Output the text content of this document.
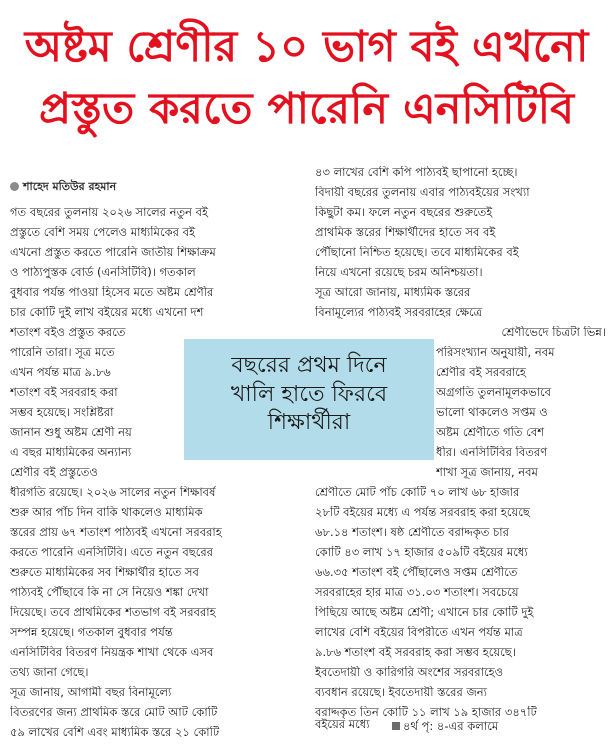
অষ্টম শ্রেণীর ১০ ভাগ বই এখনো
প্রস্তুত করতে পারেনি এনসিটিবি
শাহেদ মতিউর রহমান
গত বছরের তুলনায় ২০২৬ সালের নতুন বই
প্রস্তুতে বেশি সময় পেলেও মাধ্যমিকের বই
এখনো প্রস্তুত করতে পারেনি জাতীয় শিক্ষাক্রম
ও পাঠ্যপুস্তক বোর্ড (এনসিটিবি)। গতকাল
বুধবার পর্যন্ত পাওয়া হিসেব মতে অষ্টম শ্রেণীর
চার কোটি দুই লাখ বইয়ের মধ্যে এখনো দশ
শতাংশ বইও প্রস্তুত করতে
পারেনি তারা। সূত্র মতে
এখন পর্যন্ত মাত্র ৯.৮৬
শতাংশ বই সরবরাহ করা
সম্ভব হয়েছে। সংশ্লিষ্টরা
জানান শুধু অষ্টম শ্রেণী নয়
এ বছর মাধ্যমিকের অন্যান্য
শ্রেণীর বই প্রস্তুতেও
ধীরগতি রয়েছে। ২০২৬ সালের নতুন শিক্ষাবর্ষ
শুরু আর পাঁচ দিন বাকি থাকলেও মাধ্যমিক
স্তরের প্রায় ৬৭ শতাংশ পাঠ্যবই এখনো সরবরাহ
করতে পারেনি এনসিটিবি। এতে নতুন বছরের
শুরুতে মাধ্যমিকের সব শিক্ষার্থীর হাতে সব
পাঠ্যবই পৌঁছাবে কি না সে নিয়েও শঙ্কা দেখা
দিয়েছে। তবে প্রাথমিকের শতভাগ বই সরবরাহ
সম্পন্ন হয়েছে। গতকাল বুধবার পর্যন্ত
এনসিটিবির বিতরণ নিয়ন্ত্রক শাখা থেকে এসব
তথ্য জানা গেছে।
সূত্র জানায়, আগামী বছর বিনামূল্যে
বিতরণের জন্য প্রাথমিক স্তরে মোট আট কোটি
৫৯ লাখের বেশি এবং মাধ্যমিক স্তরে ২১ কোটি
৪৩ লাখের বেশি কপি পাঠ্যবই ছাপানো হচ্ছে।
বিদায়ী বছরের তুলনায় এবার পাঠ্যবইয়ের সংখ্যা
কিছুটা কম। ফলে নতুন বছরের শুরুতেই
প্রাথমিক স্তরের শিক্ষার্থীদের হাতে সব বই
পৌঁছানো নিশ্চিত হয়েছে। তবে মাধ্যমিকের বই
নিয়ে এখনো রয়েছে চরম অনিশ্চয়তা।
সূত্র আরো জানায়, মাধ্যমিক স্তরের
বিনামূল্যের পাঠ্যবই সরবরাহের ক্ষেত্রে
শ্রেণীভেদে চিত্রটা ভিন্ন।
পরিসংখ্যান অনুযায়ী, নবম
শ্রেণীর বই সরবরাহে
অগ্রগতি তুলনামূলকভাবে
ভালো থাকলেও সপ্তম ও
অষ্টম শ্রেণীতে গতি বেশ
ধীর। এনসিটিবির বিতরণ
শাখা সূত্র জানায়, নবম
শ্রেণীতে মোট পাঁচ কোটি ৭০ লাখ ৬৮ হাজার
২৮টি বইয়ের মধ্যে এ পর্যন্ত সরবরাহ করা হয়েছে
৬৮.১৪ শতাংশ। ষষ্ঠ শ্রেণীতে বরাদ্দকৃত চার
কোটি ৪৩ লাখ ১৭ হাজার ৫০৯টি বইয়ের মধ্যে
৬৬.৩৫ শতাংশ বই পৌঁছালেও সপ্তম শ্রেণীতে
সরবরাহের হার মাত্র ৩১.০৩ শতাংশ। সবচেয়ে
পিছিয়ে আছে অষ্টম শ্রেণী; এখানে চার কোটি দুই
লাখের বেশি বইয়ের বিপরীতে এখন পর্যন্ত মাত্র
৯.৮৬ শতাংশ বই সরবরাহ করা সম্ভব হয়েছে।
ইবতেদায়ী ও কারিগরি অংশের সরবরাহেও
ব্যবধান রয়েছে। ইবতেদায়ী স্তরের জন্য
বরাদ্দকৃত তিন কোটি ১১ লাখ ১৯ হাজার ৩৪৭টি
বইয়ের মধ্যে
বছরের প্রথম দিনে
খালি হাতে ফিরবে
শিক্ষার্থীরা
৪র্থ পৃ: ৪-এর কলামে
